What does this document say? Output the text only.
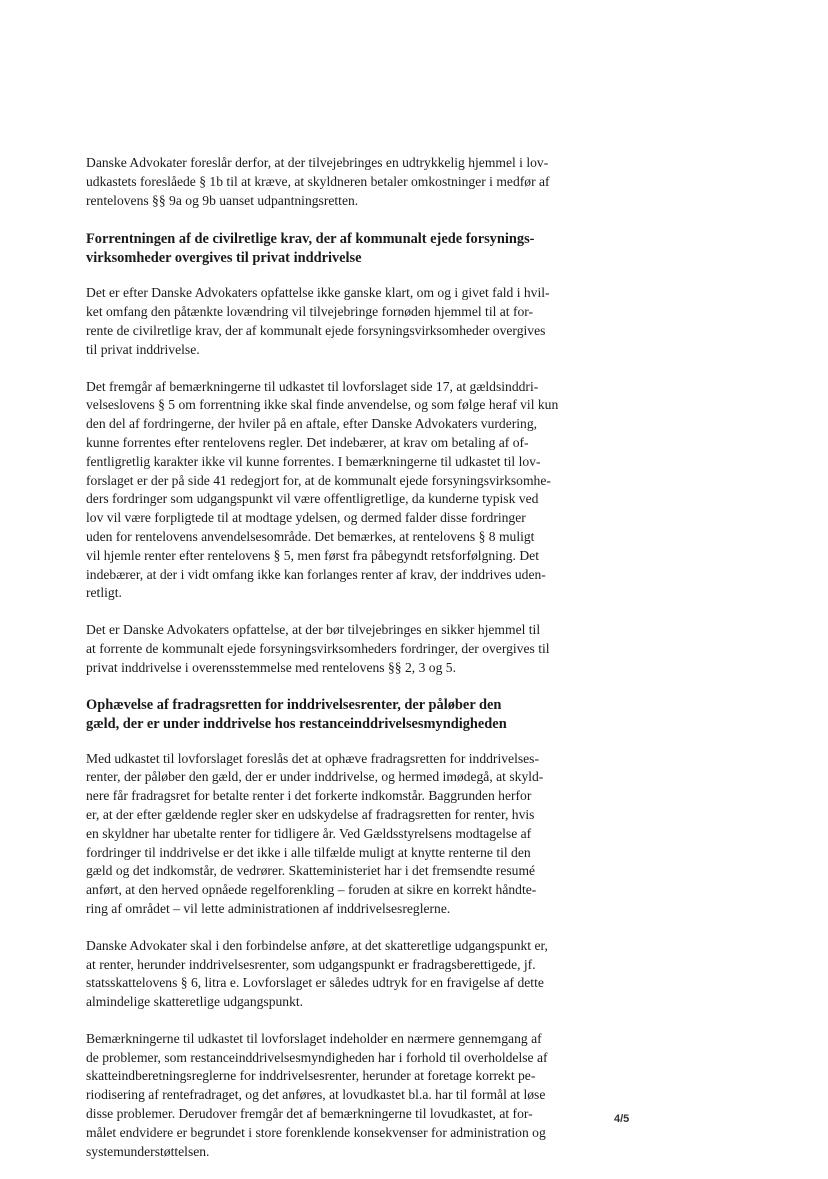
Danske Advokater foreslår derfor, at der tilvejebringes en udtrykkelig hjemmel i lov-
udkastets foreslåede § 1b til at kræve, at skyldneren betaler omkostninger i medfør af
rentelovens §§ 9a og 9b uanset udpantningsretten.

Forrentningen af de civilretlige krav, der af kommunalt ejede forsynings-
virksomheder overgives til privat inddrivelse

Det er efter Danske Advokaters opfattelse ikke ganske klart, om og i givet fald i hvil-
ket omfang den påtænkte lovændring vil tilvejebringe fornøden hjemmel til at for-
rente de civilretlige krav, der af kommunalt ejede forsyningsvirksomheder overgives
til privat inddrivelse.

Det fremgår af bemærkningerne til udkastet til lovforslaget side 17, at gældsinddri-
velseslovens § 5 om forrentning ikke skal finde anvendelse, og som følge heraf vil kun
den del af fordringerne, der hviler på en aftale, efter Danske Advokaters vurdering,
kunne forrentes efter rentelovens regler. Det indebærer, at krav om betaling af of-
fentligretlig karakter ikke vil kunne forrentes. I bemærkningerne til udkastet til lov-
forslaget er der på side 41 redegjort for, at de kommunalt ejede forsyningsvirksomhe-
ders fordringer som udgangspunkt vil være offentligretlige, da kunderne typisk ved
lov vil være forpligtede til at modtage ydelsen, og dermed falder disse fordringer
uden for rentelovens anvendelsesområde. Det bemærkes, at rentelovens § 8 muligt
vil hjemle renter efter rentelovens § 5, men først fra påbegyndt retsforfølgning. Det
indebærer, at der i vidt omfang ikke kan forlanges renter af krav, der inddrives uden-
retligt.

Det er Danske Advokaters opfattelse, at der bør tilvejebringes en sikker hjemmel til
at forrente de kommunalt ejede forsyningsvirksomheders fordringer, der overgives til
privat inddrivelse i overensstemmelse med rentelovens §§ 2, 3 og 5.

Ophævelse af fradragsretten for inddrivelsesrenter, der påløber den
gæld, der er under inddrivelse hos restanceinddrivelsesmyndigheden

Med udkastet til lovforslaget foreslås det at ophæve fradragsretten for inddrivelses-
renter, der påløber den gæld, der er under inddrivelse, og hermed imødegå, at skyld-
nere får fradragsret for betalte renter i det forkerte indkomstår. Baggrunden herfor
er, at der efter gældende regler sker en udskydelse af fradragsretten for renter, hvis
en skyldner har ubetalte renter for tidligere år. Ved Gældsstyrelsens modtagelse af
fordringer til inddrivelse er det ikke i alle tilfælde muligt at knytte renterne til den
gæld og det indkomstår, de vedrører. Skatteministeriet har i det fremsendte resumé
anført, at den herved opnåede regelforenkling – foruden at sikre en korrekt håndte-
ring af området – vil lette administrationen af inddrivelsesreglerne.

Danske Advokater skal i den forbindelse anføre, at det skatteretlige udgangspunkt er,
at renter, herunder inddrivelsesrenter, som udgangspunkt er fradragsberettigede, jf.
statsskattelovens § 6, litra e. Lovforslaget er således udtryk for en fravigelse af dette
almindelige skatteretlige udgangspunkt.

Bemærkningerne til udkastet til lovforslaget indeholder en nærmere gennemgang af
de problemer, som restanceinddrivelsesmyndigheden har i forhold til overholdelse af
skatteindberetningsreglerne for inddrivelsesrenter, herunder at foretage korrekt pe-
riodisering af rentefradraget, og det anføres, at lovudkastet bl.a. har til formål at løse
disse problemer. Derudover fremgår det af bemærkningerne til lovudkastet, at for-
målet endvidere er begrundet i store forenklende konsekvenser for administration og
systemunderstøttelsen.

4/5
